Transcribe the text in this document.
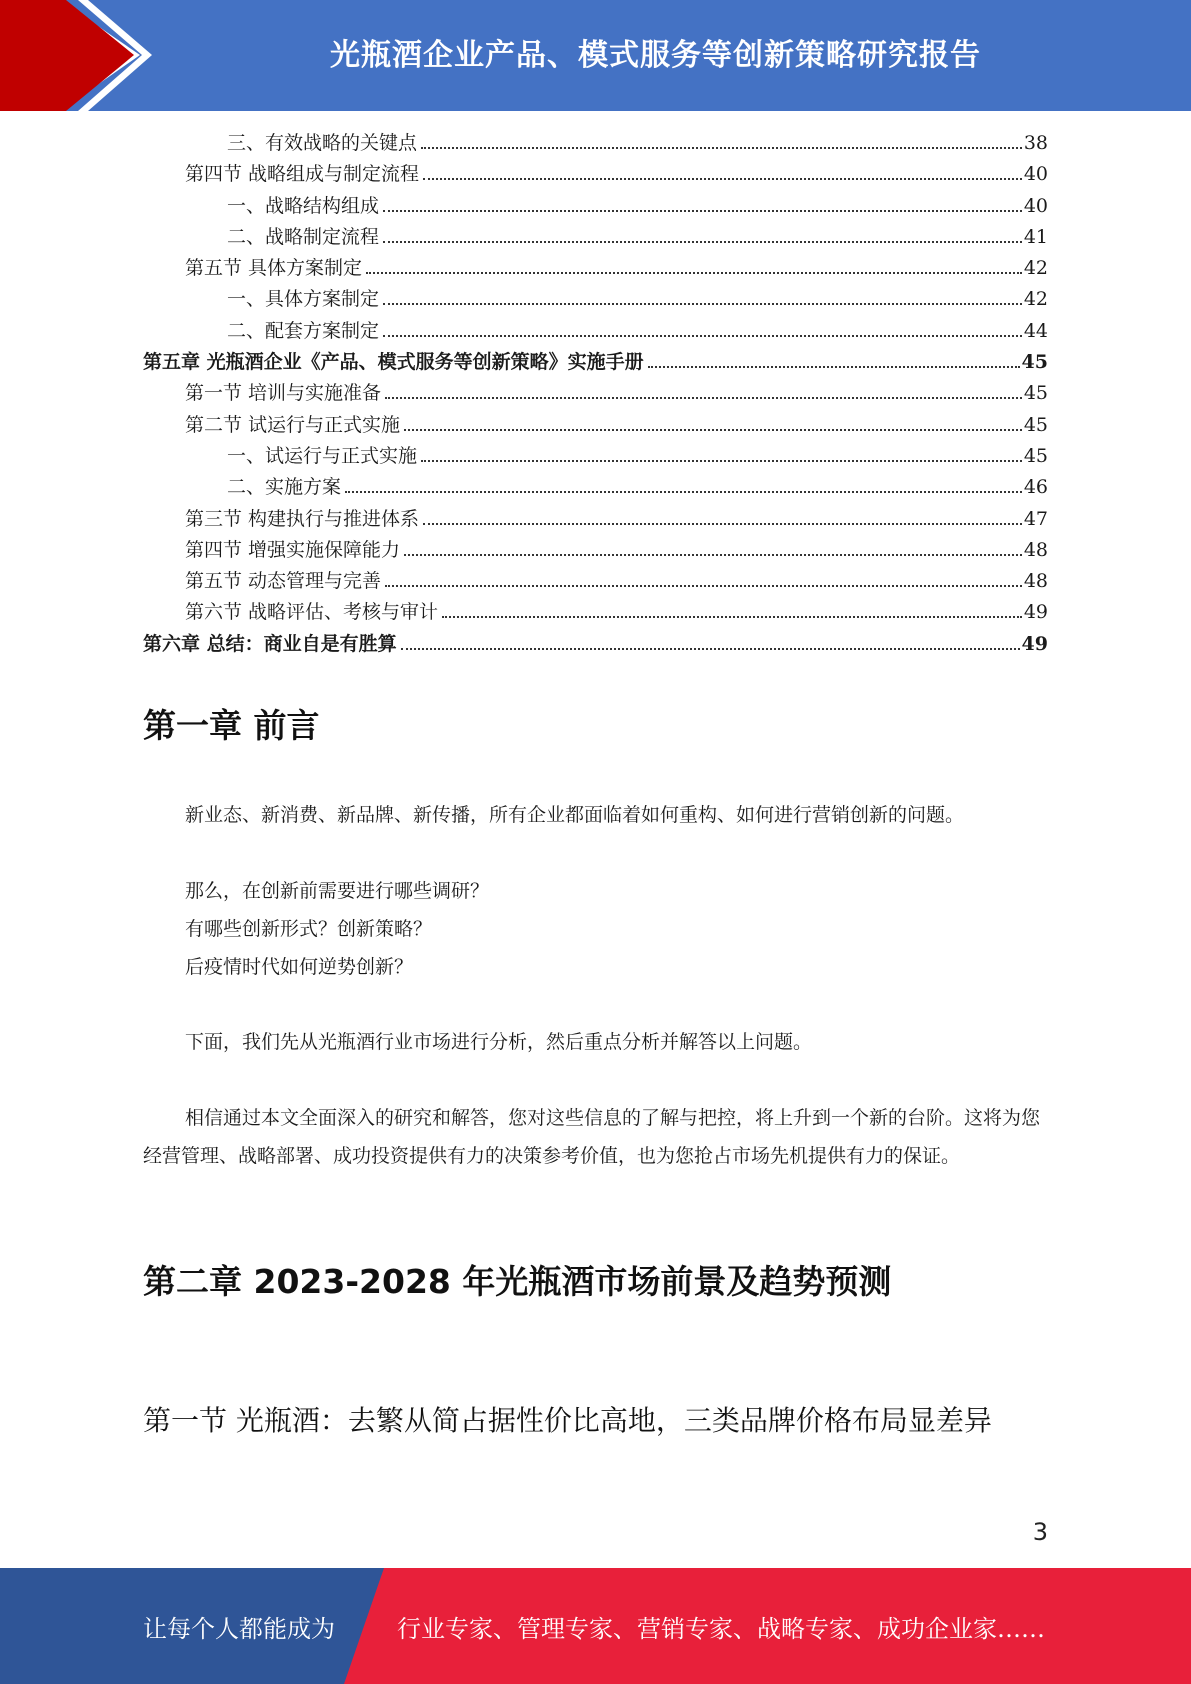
光瓶酒企业产品、模式服务等创新策略研究报告
三、有效战略的关键点	38
第四节 战略组成与制定流程	40
一、战略结构组成	40
二、战略制定流程	41
第五节 具体方案制定	42
一、具体方案制定	42
二、配套方案制定	44
第五章 光瓶酒企业《产品、模式服务等创新策略》实施手册	45
第一节 培训与实施准备	45
第二节 试运行与正式实施	45
一、试运行与正式实施	45
二、实施方案	46
第三节 构建执行与推进体系	47
第四节 增强实施保障能力	48
第五节 动态管理与完善	48
第六节 战略评估、考核与审计	49
第六章 总结：商业自是有胜算	49
第一章 前言
新业态、新消费、新品牌、新传播，所有企业都面临着如何重构、如何进行营销创新的问题。
那么，在创新前需要进行哪些调研？
有哪些创新形式？创新策略？
后疫情时代如何逆势创新？
下面，我们先从光瓶酒行业市场进行分析，然后重点分析并解答以上问题。
相信通过本文全面深入的研究和解答，您对这些信息的了解与把控，将上升到一个新的台阶。这将为您经营管理、战略部署、成功投资提供有力的决策参考价值，也为您抢占市场先机提供有力的保证。
第二章 2023-2028 年光瓶酒市场前景及趋势预测
第一节 光瓶酒：去繁从简占据性价比高地，三类品牌价格布局显差异
3
让每个人都能成为	行业专家、管理专家、营销专家、战略专家、成功企业家……
